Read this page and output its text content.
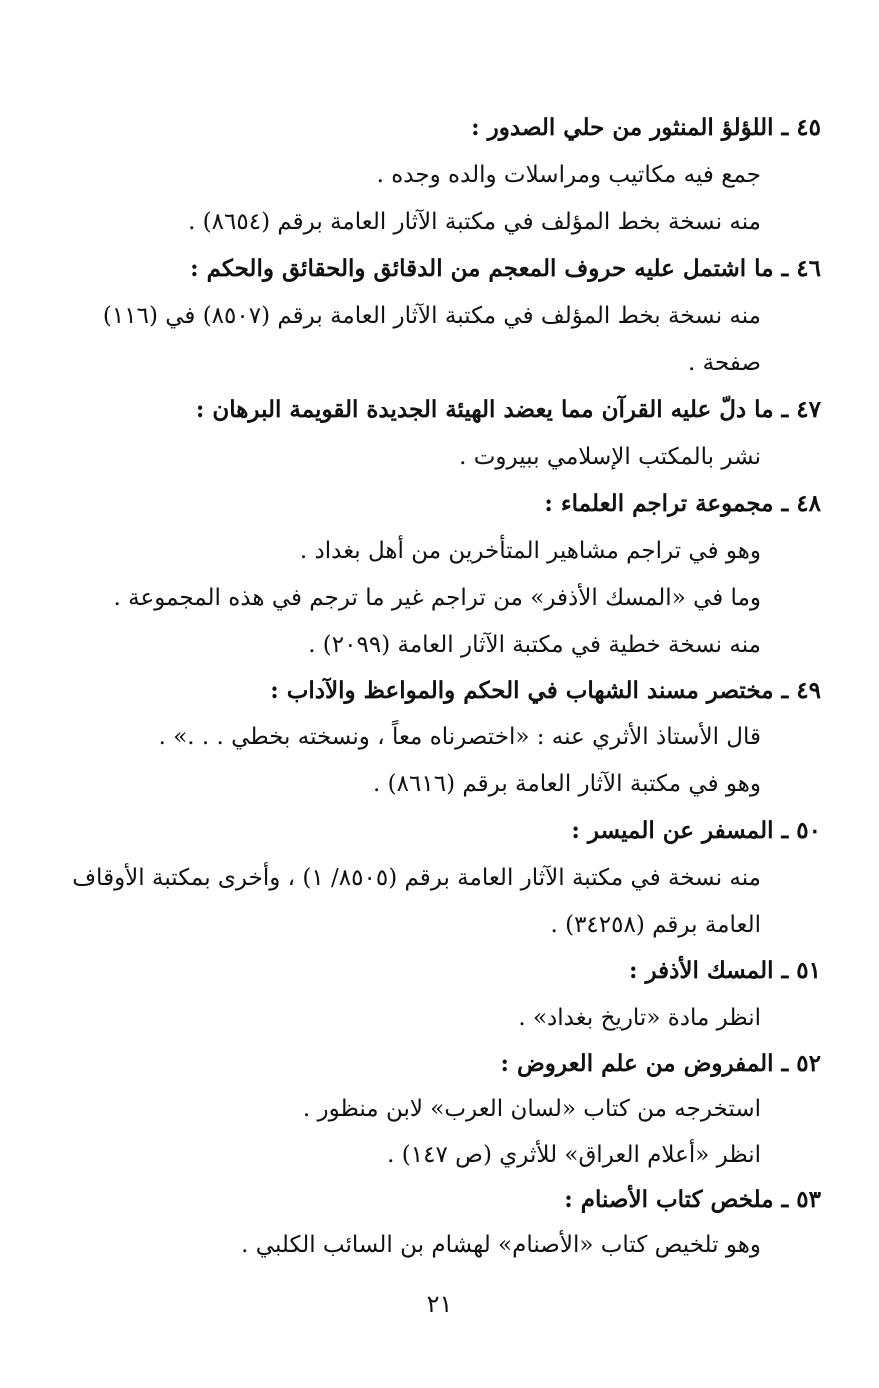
٤٥ ـ اللؤلؤ المنثور من حلي الصدور :
جمع فيه مكاتيب ومراسلات والده وجده .
منه نسخة بخط المؤلف في مكتبة الآثار العامة برقم (٨٦٥٤) .
٤٦ ـ ما اشتمل عليه حروف المعجم من الدقائق والحقائق والحكم :
منه نسخة بخط المؤلف في مكتبة الآثار العامة برقم (٨٥٠٧) في (١١٦)
صفحة .
٤٧ ـ ما دلّ عليه القرآن مما يعضد الهيئة الجديدة القويمة البرهان :
نشر بالمكتب الإسلامي ببيروت .
٤٨ ـ مجموعة تراجم العلماء :
وهو في تراجم مشاهير المتأخرين من أهل بغداد .
وما في «المسك الأذفر» من تراجم غير ما ترجم في هذه المجموعة .
منه نسخة خطية في مكتبة الآثار العامة (٢٠٩٩) .
٤٩ ـ مختصر مسند الشهاب في الحكم والمواعظ والآداب :
قال الأستاذ الأثري عنه : «اختصرناه معاً ، ونسخته بخطي . . .» .
وهو في مكتبة الآثار العامة برقم (٨٦١٦) .
٥٠ ـ المسفر عن الميسر :
منه نسخة في مكتبة الآثار العامة برقم (٨٥٠٥/ ١) ، وأخرى بمكتبة الأوقاف
العامة برقم (٣٤٢٥٨) .
٥١ ـ المسك الأذفر :
انظر مادة «تاريخ بغداد» .
٥٢ ـ المفروض من علم العروض :
استخرجه من كتاب «لسان العرب» لابن منظور .
انظر «أعلام العراق» للأثري (ص ١٤٧) .
٥٣ ـ ملخص كتاب الأصنام :
وهو تلخيص كتاب «الأصنام» لهشام بن السائب الكلبي .
٢١
